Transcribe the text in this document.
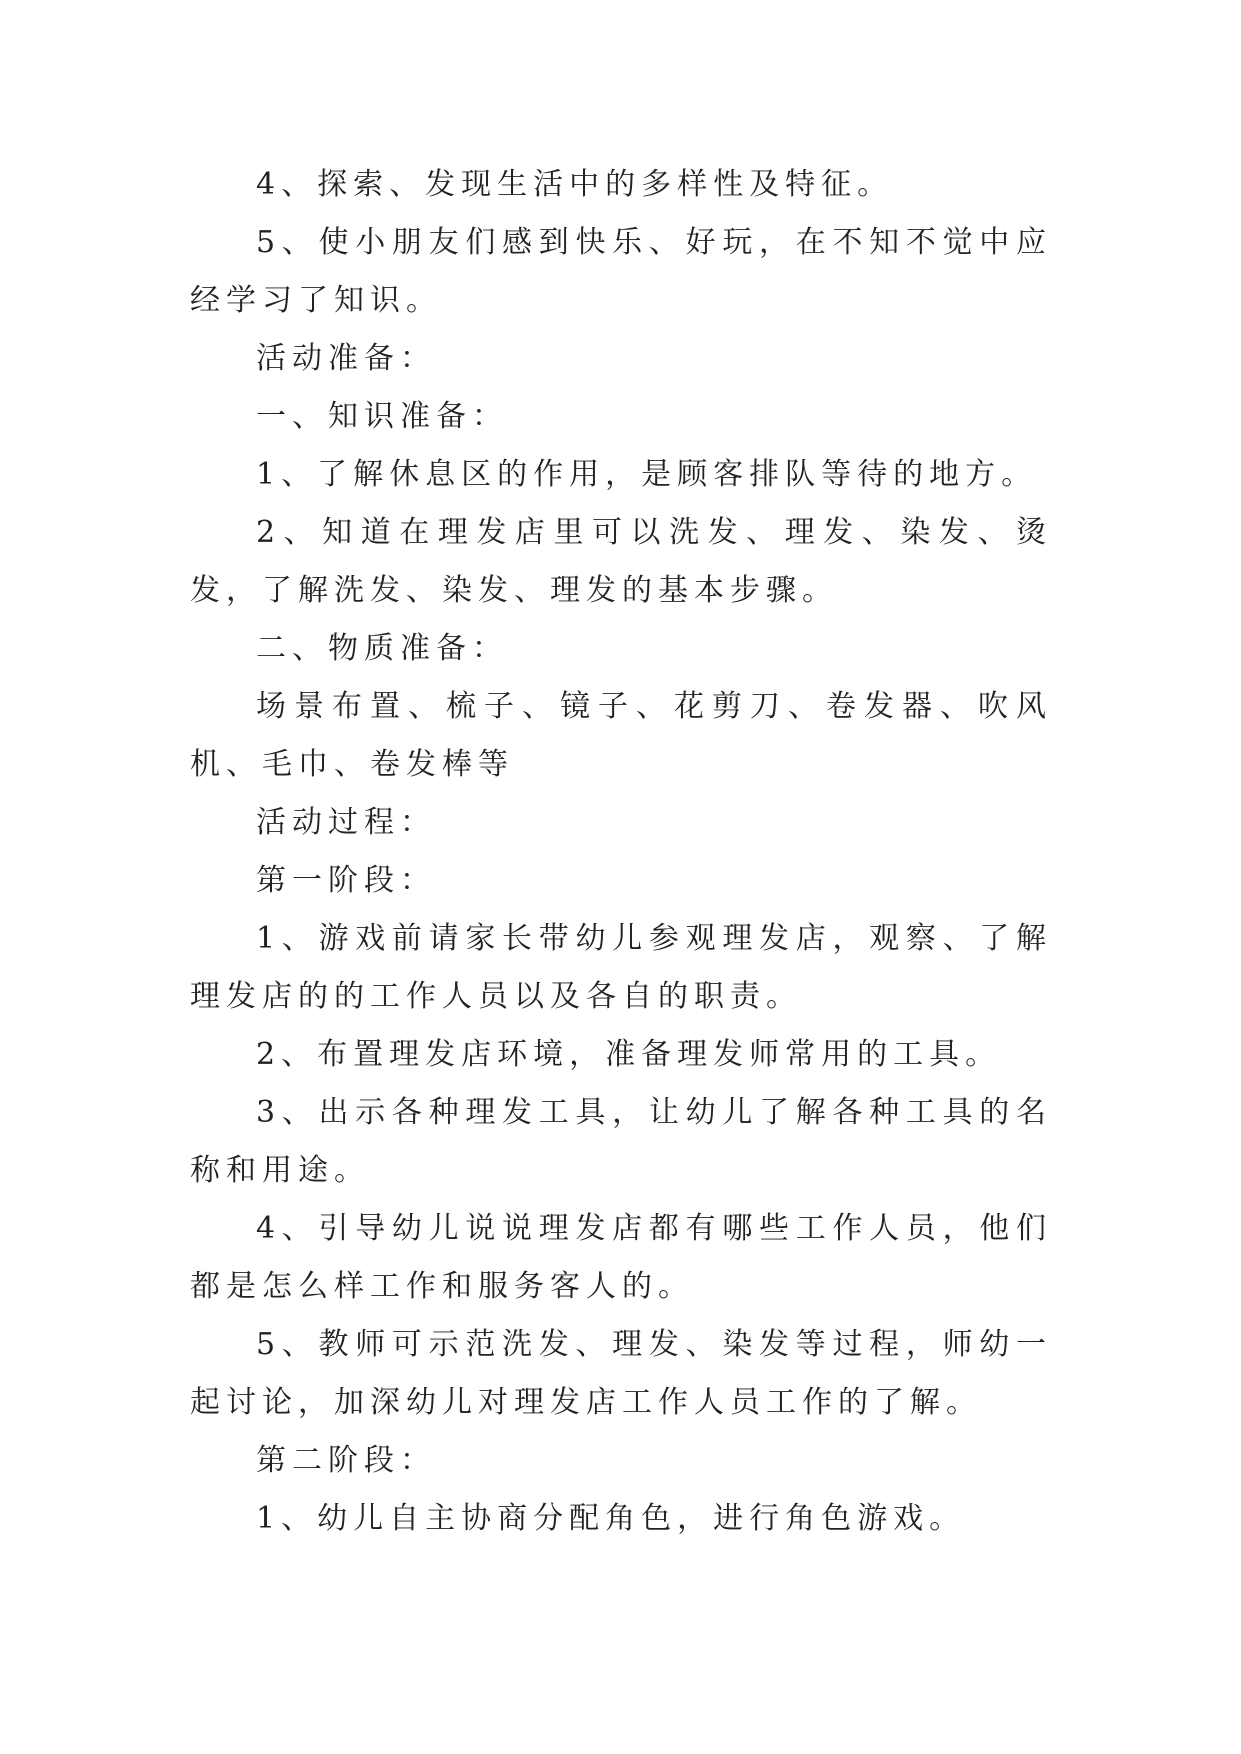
4、探索、发现生活中的多样性及特征。

5、使小朋友们感到快乐、好玩，在不知不觉中应经学习了知识。

活动准备：

一、知识准备：

1、了解休息区的作用，是顾客排队等待的地方。

2、知道在理发店里可以洗发、理发、染发、烫发，了解洗发、染发、理发的基本步骤。

二、物质准备：

场景布置、梳子、镜子、花剪刀、卷发器、吹风机、毛巾、卷发棒等

活动过程：

第一阶段：

1、游戏前请家长带幼儿参观理发店，观察、了解理发店的的工作人员以及各自的职责。

2、布置理发店环境，准备理发师常用的工具。

3、出示各种理发工具，让幼儿了解各种工具的名称和用途。

4、引导幼儿说说理发店都有哪些工作人员，他们都是怎么样工作和服务客人的。

5、教师可示范洗发、理发、染发等过程，师幼一起讨论，加深幼儿对理发店工作人员工作的了解。

第二阶段：

1、幼儿自主协商分配角色，进行角色游戏。
